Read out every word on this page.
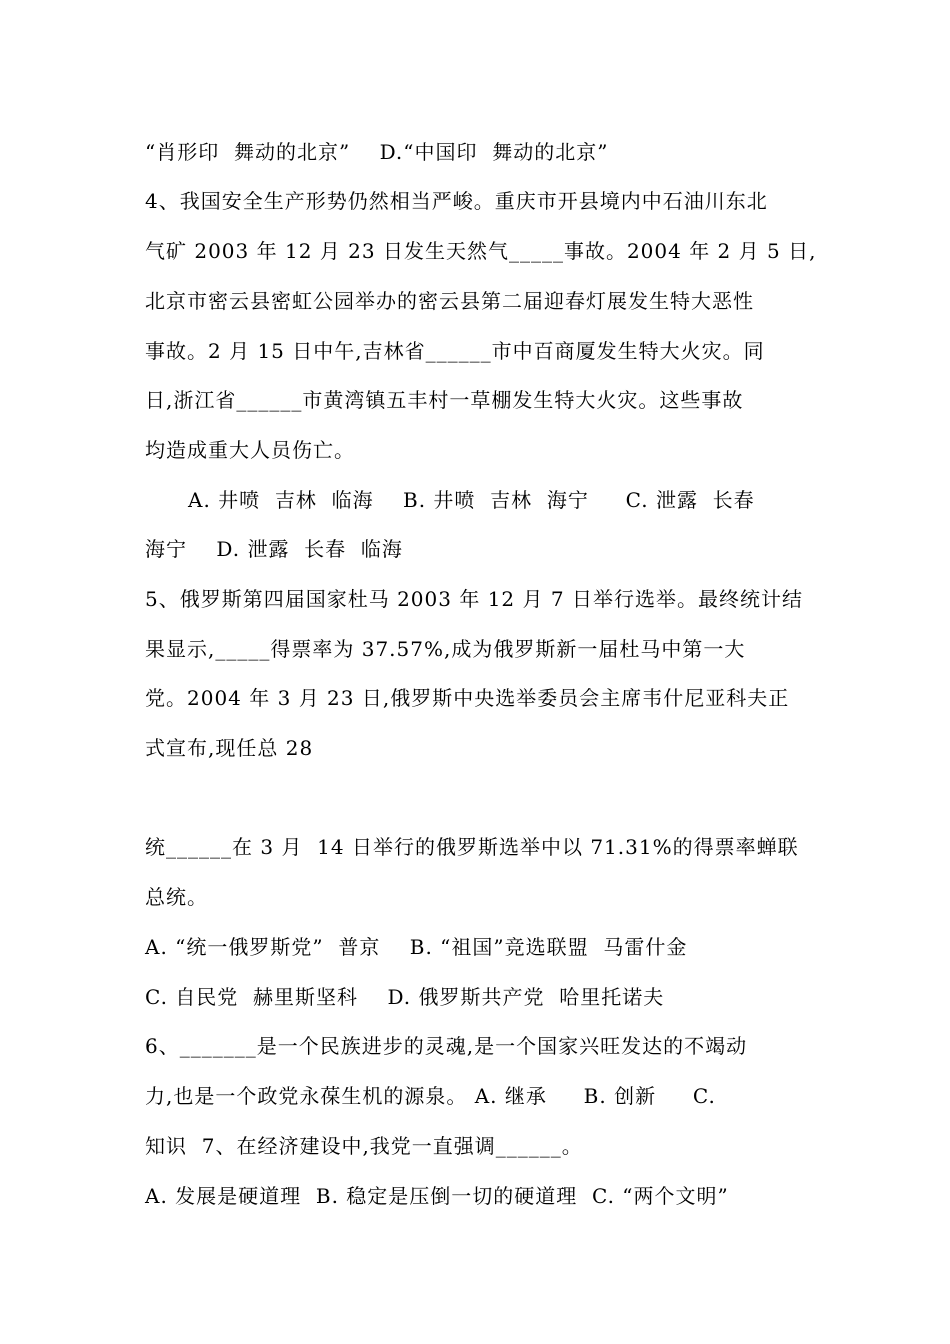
“肖形印  舞动的北京”    D.“中国印  舞动的北京”
4、我国安全生产形势仍然相当严峻。重庆市开县境内中石油川东北
气矿 2003 年 12 月 23 日发生天然气_____事故。2004 年 2 月 5 日,
北京市密云县密虹公园举办的密云县第二届迎春灯展发生特大恶性
事故。2 月 15 日中午,吉林省______市中百商厦发生特大火灾。同
日,浙江省______市黄湾镇五丰村一草棚发生特大火灾。这些事故
均造成重大人员伤亡。
A. 井喷  吉林  临海    B. 井喷  吉林  海宁     C. 泄露  长春
海宁    D. 泄露  长春  临海
5、俄罗斯第四届国家杜马 2003 年 12 月 7 日举行选举。最终统计结
果显示,_____得票率为 37.57%,成为俄罗斯新一届杜马中第一大
党。2004 年 3 月 23 日,俄罗斯中央选举委员会主席韦什尼亚科夫正
式宣布,现任总 28
统______在 3 月  14 日举行的俄罗斯选举中以 71.31%的得票率蝉联
总统。
A. “统一俄罗斯党”  普京    B. “祖国”竞选联盟  马雷什金
C. 自民党  赫里斯坚科    D. 俄罗斯共产党  哈里托诺夫
6、_______是一个民族进步的灵魂,是一个国家兴旺发达的不竭动
力,也是一个政党永葆生机的源泉。 A. 继承     B. 创新     C.
知识  7、在经济建设中,我党一直强调______。
A. 发展是硬道理  B. 稳定是压倒一切的硬道理  C. “两个文明”
